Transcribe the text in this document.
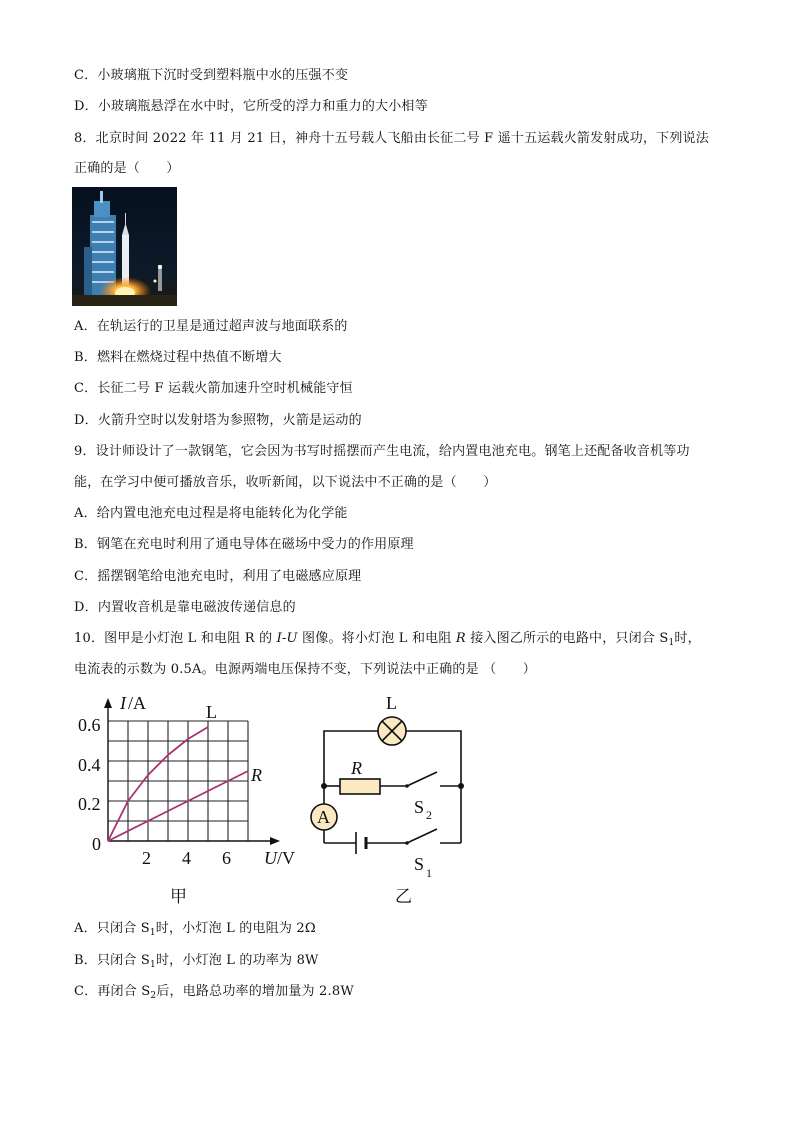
C．小玻璃瓶下沉时受到塑料瓶中水的压强不变
D．小玻璃瓶悬浮在水中时，它所受的浮力和重力的大小相等
8．北京时间 2022 年 11 月 21 日，神舟十五号载人飞船由长征二号 F 遥十五运载火箭发射成功，下列说法
正确的是（　　）
A．在轨运行的卫星是通过超声波与地面联系的
B．燃料在燃烧过程中热值不断增大
C．长征二号 F 运载火箭加速升空时机械能守恒
D．火箭升空时以发射塔为参照物，火箭是运动的
9．设计师设计了一款钢笔，它会因为书写时摇摆而产生电流，给内置电池充电。钢笔上还配备收音机等功
能，在学习中便可播放音乐，收听新闻，以下说法中不正确的是（　　）
A．给内置电池充电过程是将电能转化为化学能
B．钢笔在充电时利用了通电导体在磁场中受力的作用原理
C．摇摆钢笔给电池充电时，利用了电磁感应原理
D．内置收音机是靠电磁波传递信息的
10．图甲是小灯泡 L 和电阻 R 的 I-U 图像。将小灯泡 L 和电阻 R 接入图乙所示的电路中，只闭合 $S_1$时，
电流表的示数为 0.5A。电源两端电压保持不变，下列说法中正确的是 （　　）
I /A
0.6
0.4
0.2
0
2 4 6 U /V
L
R
甲
A
L
R
S 2
S 1
乙
A．只闭合 $S_1$时，小灯泡 L 的电阻为 2Ω
B．只闭合 $S_1$时，小灯泡 L 的功率为 8W
C．再闭合 $S_2$后，电路总功率的增加量为 2.8W
